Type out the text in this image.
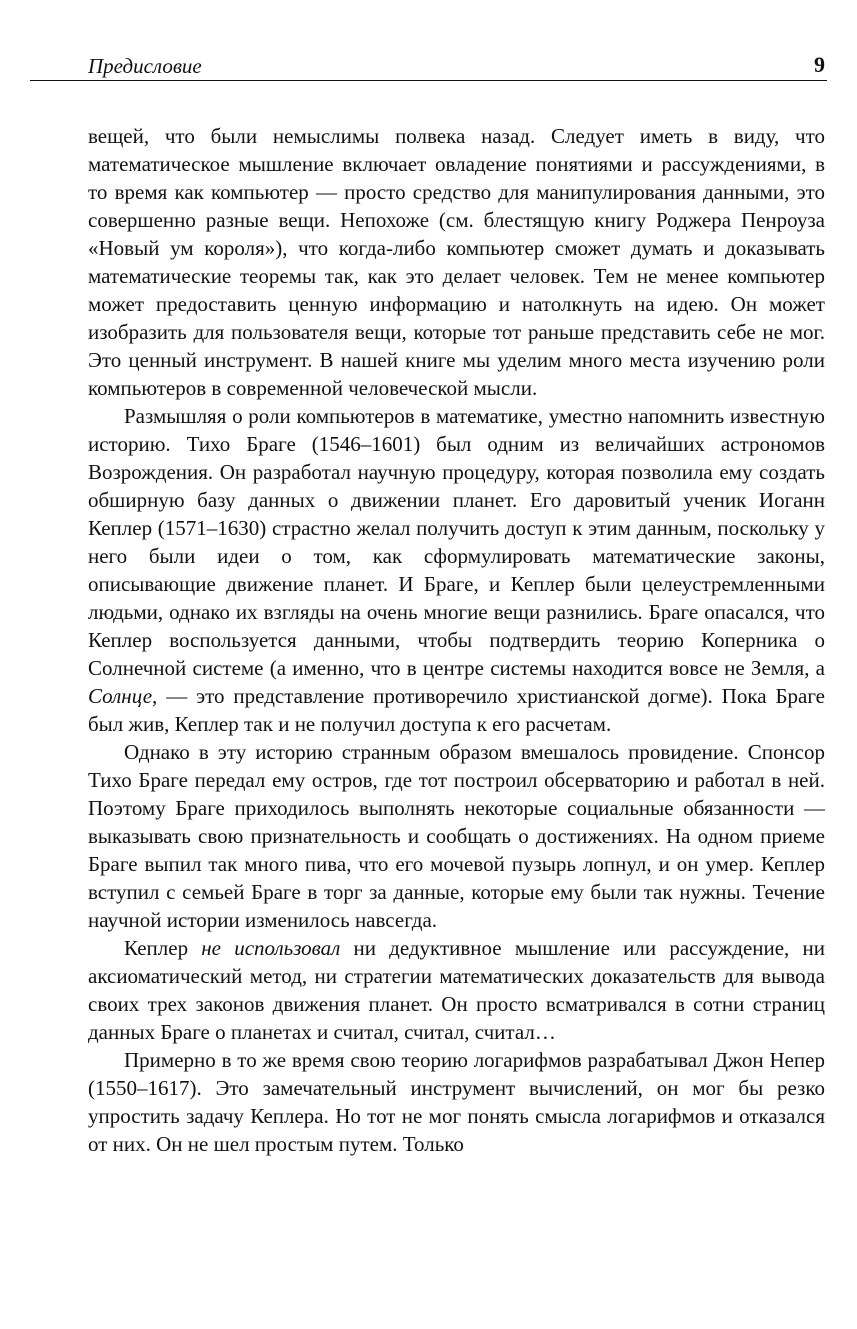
Предисловие	9

вещей, что были немыслимы полвека назад. Следует иметь в виду, что математическое мышление включает овладение понятиями и рассуждениями, в то время как компьютер — просто средство для манипулирования данными, это совершенно разные вещи. Непохоже (см. блестящую книгу Роджера Пенроуза «Новый ум короля»), что когда-либо компьютер сможет думать и доказывать математические теоремы так, как это делает человек. Тем не менее компьютер может предоставить ценную информацию и натолкнуть на идею. Он может изобразить для пользователя вещи, которые тот раньше представить себе не мог. Это ценный инструмент. В нашей книге мы уделим много места изучению роли компьютеров в современной человеческой мысли.

Размышляя о роли компьютеров в математике, уместно напомнить известную историю. Тихо Браге (1546–1601) был одним из величайших астрономов Возрождения. Он разработал научную процедуру, которая позволила ему создать обширную базу данных о движении планет. Его даровитый ученик Иоганн Кеплер (1571–1630) страстно желал получить доступ к этим данным, поскольку у него были идеи о том, как сформулировать математические законы, описывающие движение планет. И Браге, и Кеплер были целеустремленными людьми, однако их взгляды на очень многие вещи разнились. Браге опасался, что Кеплер воспользуется данными, чтобы подтвердить теорию Коперника о Солнечной системе (а именно, что в центре системы находится вовсе не Земля, а Солнце, — это представление противоречило христианской догме). Пока Браге был жив, Кеплер так и не получил доступа к его расчетам.

Однако в эту историю странным образом вмешалось провидение. Спонсор Тихо Браге передал ему остров, где тот построил обсерваторию и работал в ней. Поэтому Браге приходилось выполнять некоторые социальные обязанности — выказывать свою признательность и сообщать о достижениях. На одном приеме Браге выпил так много пива, что его мочевой пузырь лопнул, и он умер. Кеплер вступил с семьей Браге в торг за данные, которые ему были так нужны. Течение научной истории изменилось навсегда.

Кеплер не использовал ни дедуктивное мышление или рассуждение, ни аксиоматический метод, ни стратегии математических доказательств для вывода своих трех законов движения планет. Он просто всматривался в сотни страниц данных Браге о планетах и считал, считал, считал…

Примерно в то же время свою теорию логарифмов разрабатывал Джон Непер (1550–1617). Это замечательный инструмент вычислений, он мог бы резко упростить задачу Кеплера. Но тот не мог понять смысла логарифмов и отказался от них. Он не шел простым путем. Только
